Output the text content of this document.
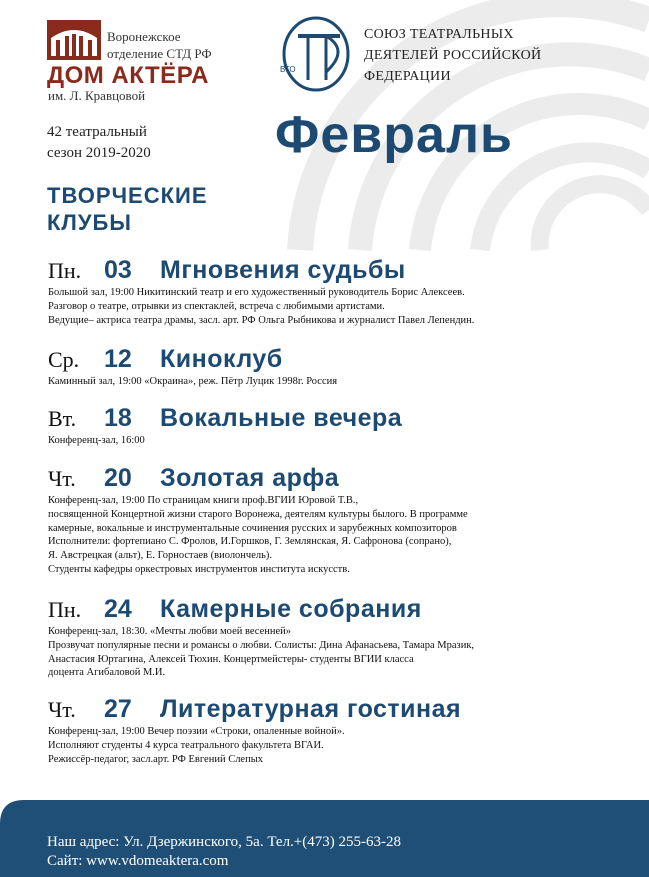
Воронежское
отделение СТД РФ
ДОМ АКТЁРА
им. Л. Кравцовой
42 театральный
сезон 2019-2020
ВТО
СОЮЗ ТЕАТРАЛЬНЫХ
ДЕЯТЕЛЕЙ РОССИЙСКОЙ
ФЕДЕРАЦИИ
Февраль
ТВОРЧЕСКИЕ
КЛУБЫ
Пн. 03	Мгновения судьбы
Большой зал, 19:00 Никитинский театр и его художественный руководитель Борис Алексеев.
Разговор о театре, отрывки из спектаклей, встреча с любимыми артистами.
Ведущие– актриса театра драмы, засл. арт. РФ Ольга Рыбникова и журналист Павел Лепендин.
Ср. 12	Киноклуб
Каминный зал, 19:00 «Окраина», реж. Пётр Луцик 1998г. Россия
Вт.	18	Вокальные вечера
Конференц-зал, 16:00
Чт.	20	Золотая арфа
Конференц-зал, 19:00 По страницам книги проф.ВГИИ Юровой Т.В.,
посвященной Концертной жизни старого Воронежа, деятелям культуры былого. В программе
камерные, вокальные и инструментальные сочинения русских и зарубежных композиторов
Исполнители: фортепиано С. Фролов, И.Горшков, Г. Землянская, Я. Сафронова (сопрано),
Я. Австрецкая (альт), Е. Горностаев (виолончель).
Студенты кафедры оркестровых инструментов института искусств.
Пн. 24	Камерные собрания
Конференц-зал, 18:30. «Мечты любви моей весенней»
Прозвучат популярные песни и романсы о любви. Солисты: Дина Афанасьева, Тамара Мразик,
Анастасия Юртагина, Алексей Тюхин. Концертмейстеры- студенты ВГИИ класса
доцента Агибаловой М.И.
Чт.	27	Литературная гостиная
Конференц-зал, 19:00 Вечер поэзии «Строки, опаленные войной».
Исполняют студенты 4 курса театрального факультета ВГАИ.
Режиссёр-педагог, засл.арт. РФ Евгений Слепых
Наш адрес: Ул. Дзержинского, 5а. Тел.+(473) 255-63-28
Сайт: www.vdomeaktera.com
